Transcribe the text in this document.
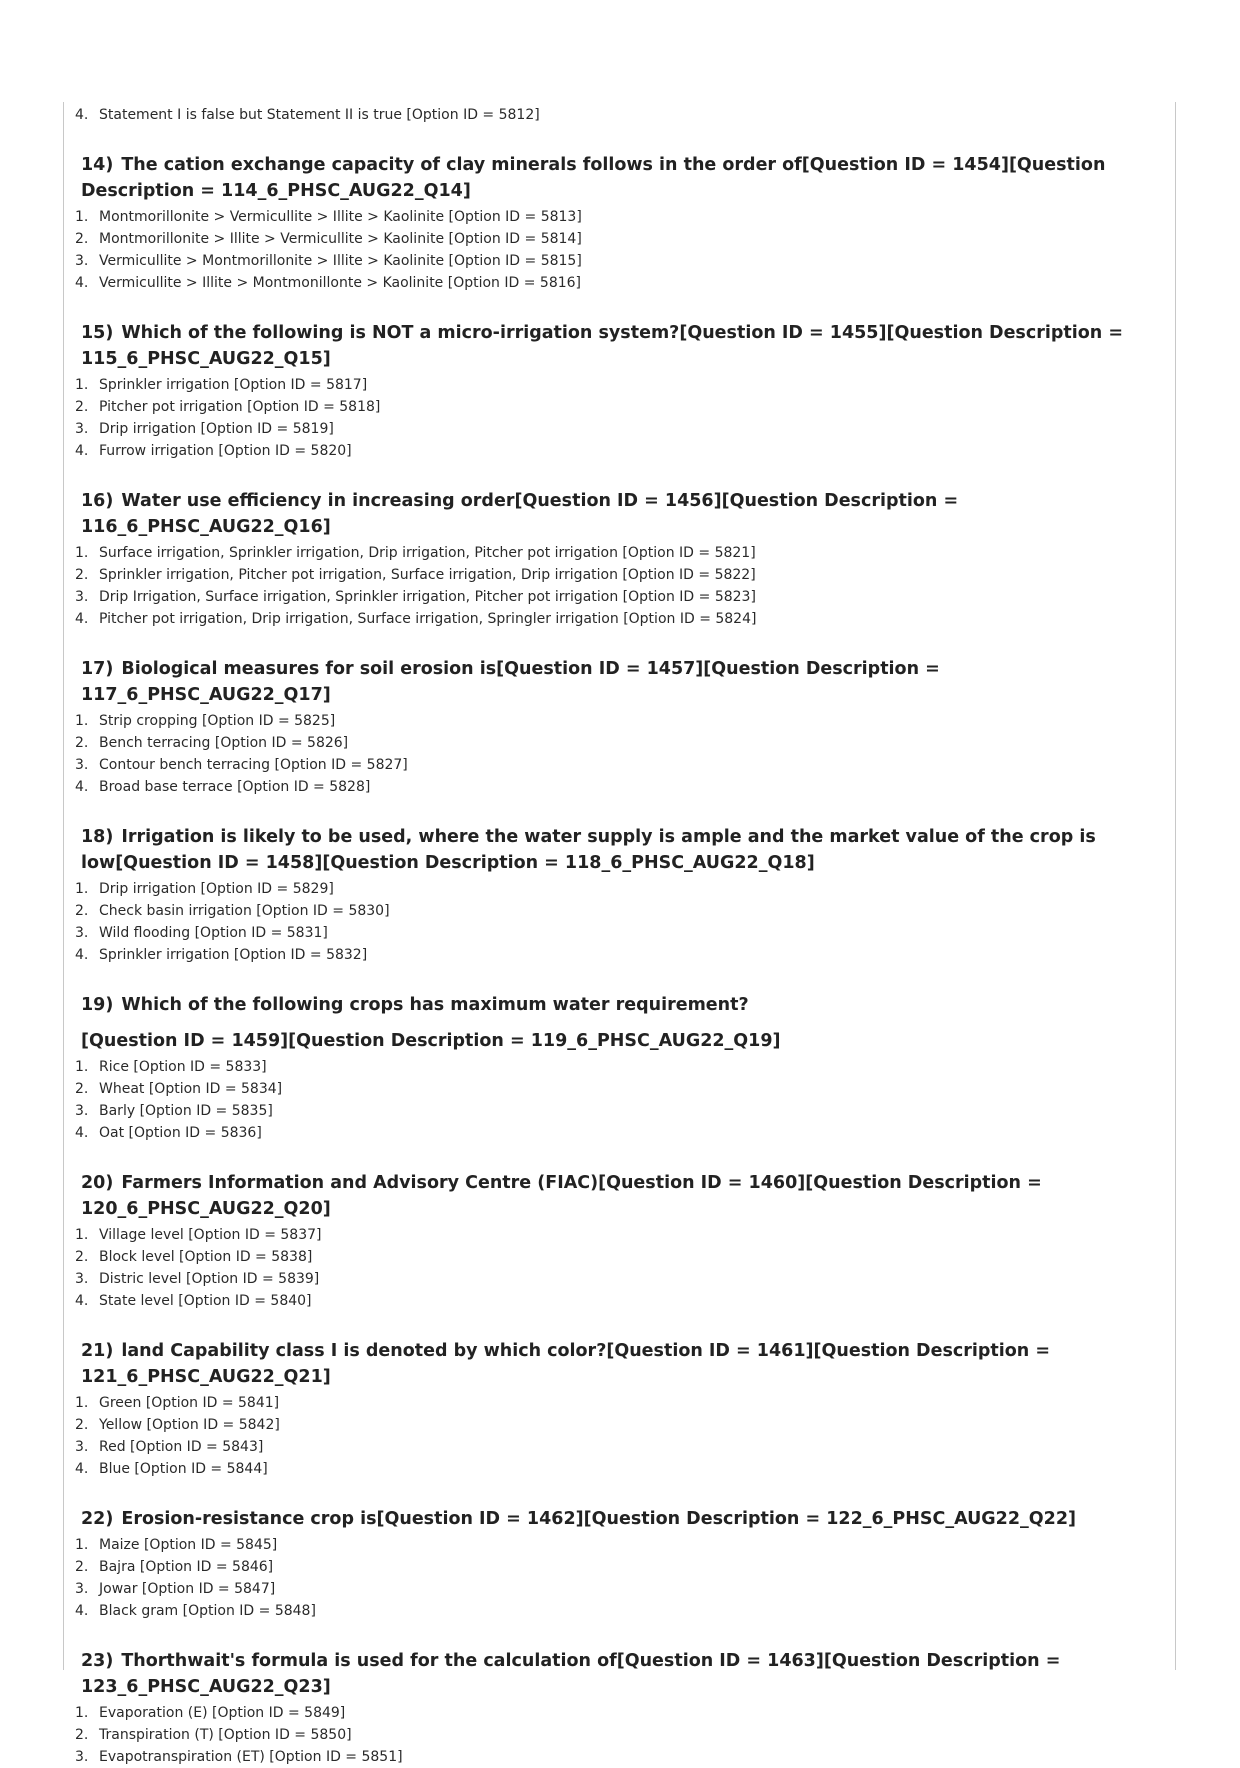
4. Statement I is false but Statement II is true [Option ID = 5812]
14) The cation exchange capacity of clay minerals follows in the order of[Question ID = 1454][Question Description = 114_6_PHSC_AUG22_Q14]
1. Montmorillonite > Vermicullite > Illite > Kaolinite [Option ID = 5813]
2. Montmorillonite > Illite > Vermicullite > Kaolinite [Option ID = 5814]
3. Vermicullite > Montmorillonite > Illite > Kaolinite [Option ID = 5815]
4. Vermicullite > Illite > Montmonillonte > Kaolinite [Option ID = 5816]
15) Which of the following is NOT a micro-irrigation system?[Question ID = 1455][Question Description = 115_6_PHSC_AUG22_Q15]
1. Sprinkler irrigation [Option ID = 5817]
2. Pitcher pot irrigation [Option ID = 5818]
3. Drip irrigation [Option ID = 5819]
4. Furrow irrigation [Option ID = 5820]
16) Water use efficiency in increasing order[Question ID = 1456][Question Description = 116_6_PHSC_AUG22_Q16]
1. Surface irrigation, Sprinkler irrigation, Drip irrigation, Pitcher pot irrigation [Option ID = 5821]
2. Sprinkler irrigation, Pitcher pot irrigation, Surface irrigation, Drip irrigation [Option ID = 5822]
3. Drip Irrigation, Surface irrigation, Sprinkler irrigation, Pitcher pot irrigation [Option ID = 5823]
4. Pitcher pot irrigation, Drip irrigation, Surface irrigation, Springler irrigation [Option ID = 5824]
17) Biological measures for soil erosion is[Question ID = 1457][Question Description = 117_6_PHSC_AUG22_Q17]
1. Strip cropping [Option ID = 5825]
2. Bench terracing [Option ID = 5826]
3. Contour bench terracing [Option ID = 5827]
4. Broad base terrace [Option ID = 5828]
18) Irrigation is likely to be used, where the water supply is ample and the market value of the crop is low[Question ID = 1458][Question Description = 118_6_PHSC_AUG22_Q18]
1. Drip irrigation [Option ID = 5829]
2. Check basin irrigation [Option ID = 5830]
3. Wild flooding [Option ID = 5831]
4. Sprinkler irrigation [Option ID = 5832]
19) Which of the following crops has maximum water requirement?
[Question ID = 1459][Question Description = 119_6_PHSC_AUG22_Q19]
1. Rice [Option ID = 5833]
2. Wheat [Option ID = 5834]
3. Barly [Option ID = 5835]
4. Oat [Option ID = 5836]
20) Farmers Information and Advisory Centre (FIAC)[Question ID = 1460][Question Description = 120_6_PHSC_AUG22_Q20]
1. Village level [Option ID = 5837]
2. Block level [Option ID = 5838]
3. Distric level [Option ID = 5839]
4. State level [Option ID = 5840]
21) land Capability class I is denoted by which color?[Question ID = 1461][Question Description = 121_6_PHSC_AUG22_Q21]
1. Green [Option ID = 5841]
2. Yellow [Option ID = 5842]
3. Red [Option ID = 5843]
4. Blue [Option ID = 5844]
22) Erosion-resistance crop is[Question ID = 1462][Question Description = 122_6_PHSC_AUG22_Q22]
1. Maize [Option ID = 5845]
2. Bajra [Option ID = 5846]
3. Jowar [Option ID = 5847]
4. Black gram [Option ID = 5848]
23) Thorthwait's formula is used for the calculation of[Question ID = 1463][Question Description = 123_6_PHSC_AUG22_Q23]
1. Evaporation (E) [Option ID = 5849]
2. Transpiration (T) [Option ID = 5850]
3. Evapotranspiration (ET) [Option ID = 5851]
